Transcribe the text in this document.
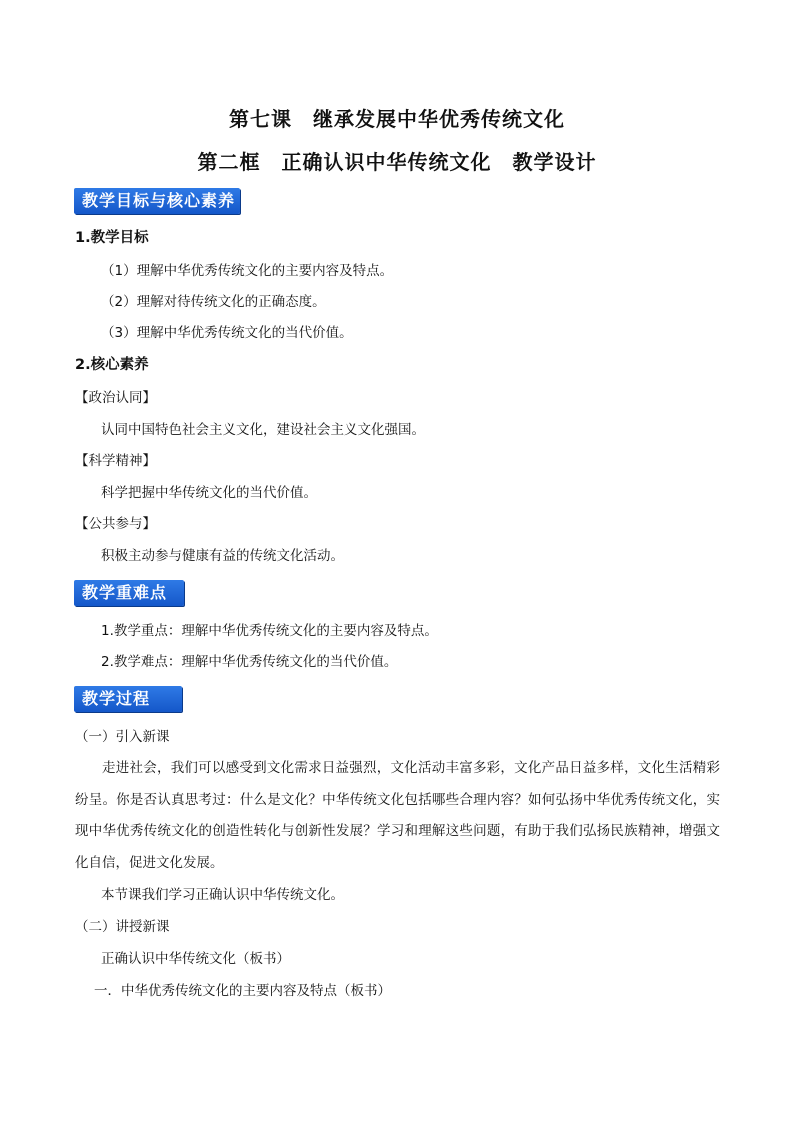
第七课　继承发展中华优秀传统文化
第二框　正确认识中华传统文化　教学设计
教学目标与核心素养
1.教学目标
（1）理解中华优秀传统文化的主要内容及特点。
（2）理解对待传统文化的正确态度。
（3）理解中华优秀传统文化的当代价值。
2.核心素养
【政治认同】
认同中国特色社会主义文化，建设社会主义文化强国。
【科学精神】
科学把握中华传统文化的当代价值。
【公共参与】
积极主动参与健康有益的传统文化活动。
教学重难点
1.教学重点：理解中华优秀传统文化的主要内容及特点。
2.教学难点：理解中华优秀传统文化的当代价值。
教学过程
（一）引入新课
走进社会，我们可以感受到文化需求日益强烈，文化活动丰富多彩，文化产品日益多样，文化生活精彩纷呈。你是否认真思考过：什么是文化？中华传统文化包括哪些合理内容？如何弘扬中华优秀传统文化，实现中华优秀传统文化的创造性转化与创新性发展？学习和理解这些问题，有助于我们弘扬民族精神，增强文化自信，促进文化发展。
本节课我们学习正确认识中华传统文化。
（二）讲授新课
正确认识中华传统文化（板书）
一．中华优秀传统文化的主要内容及特点（板书）
